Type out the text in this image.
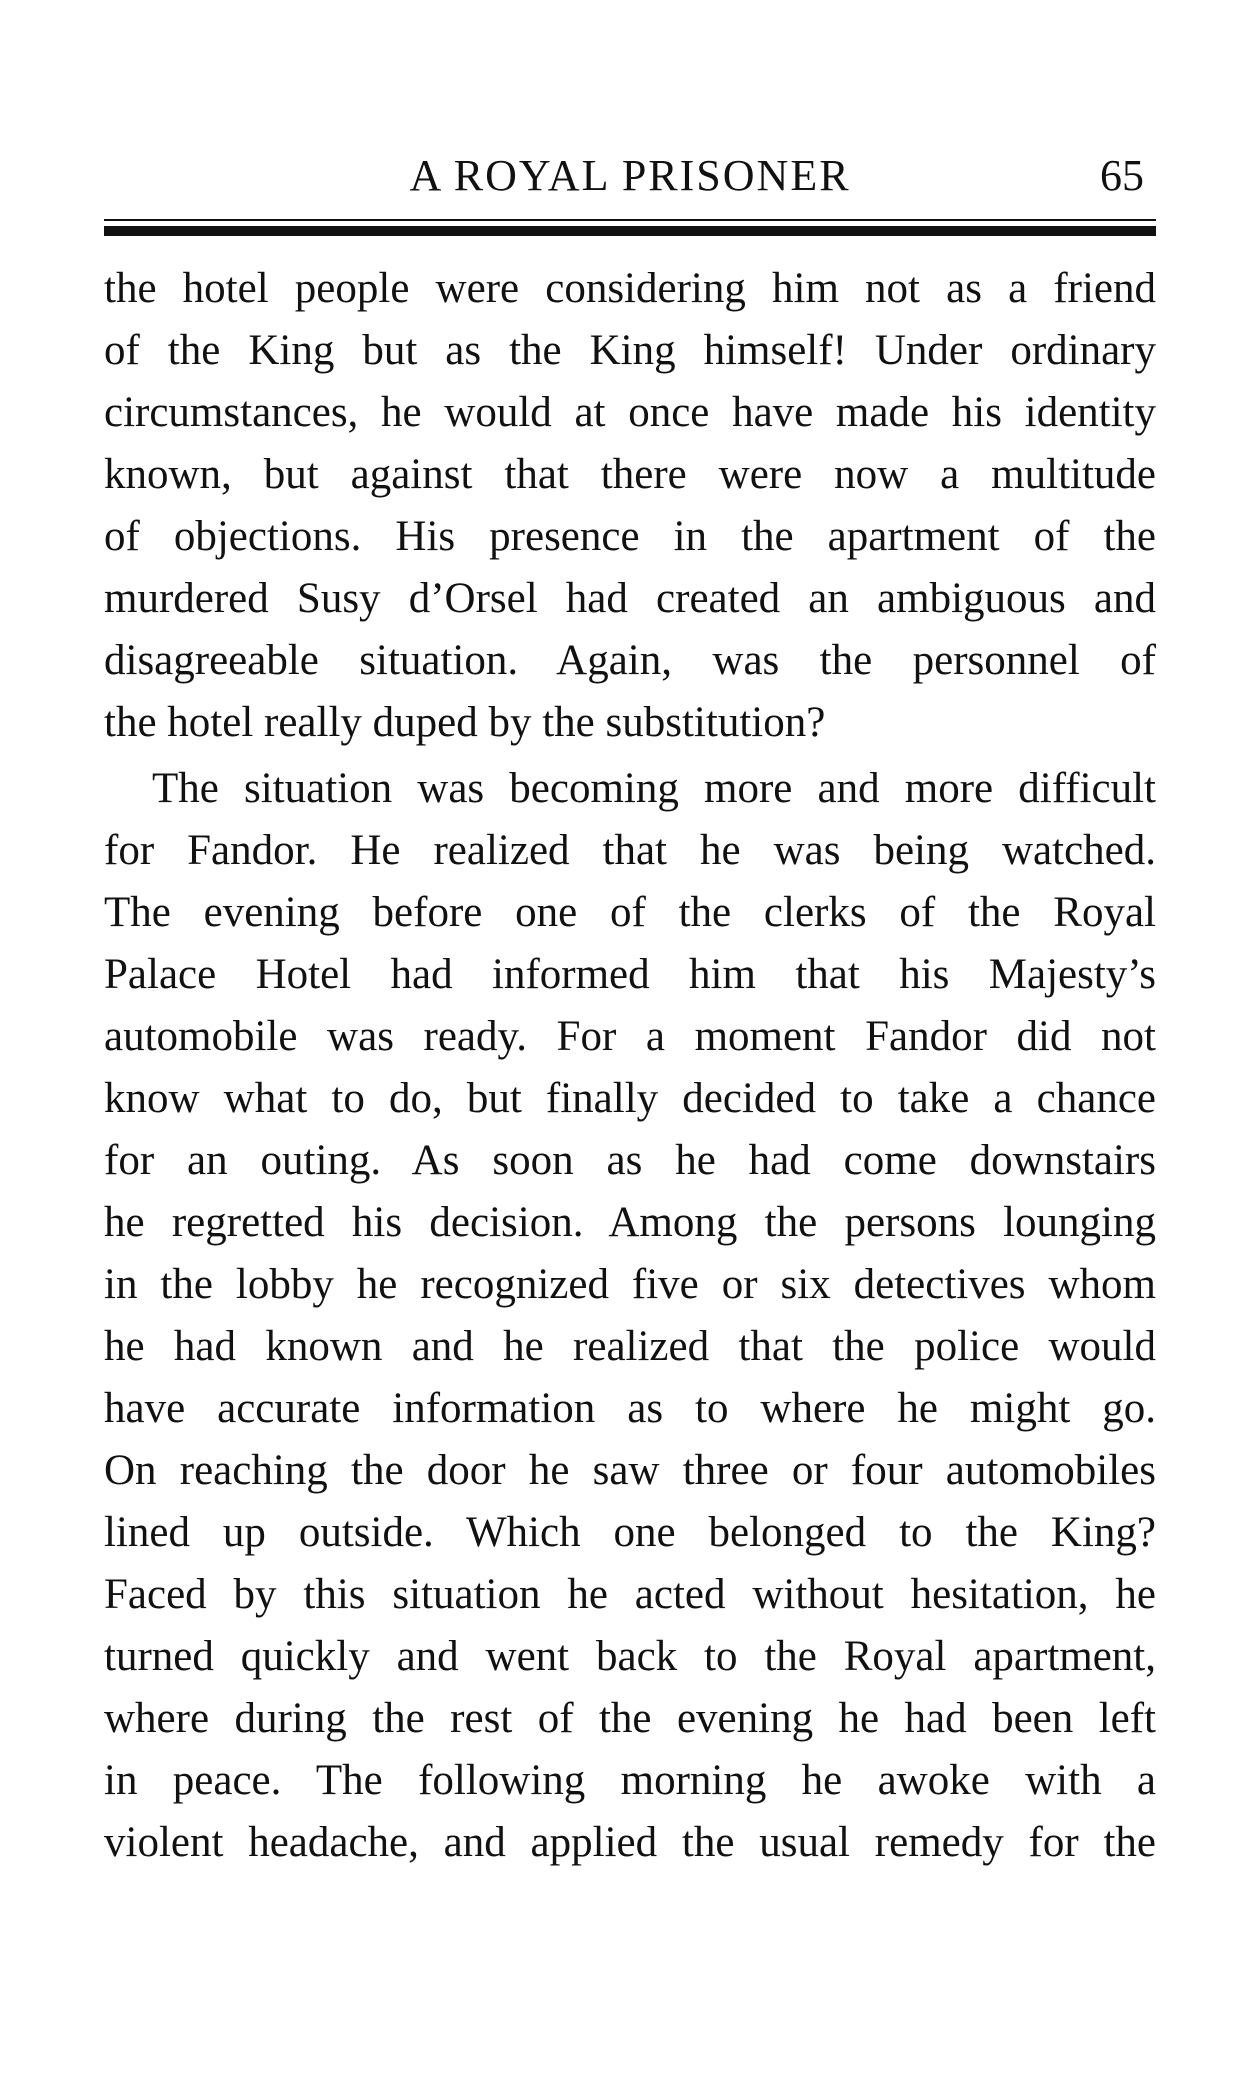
A ROYAL PRISONER	65
the hotel people were considering him not as a friend
of the King but as the King himself! Under ordinary
circumstances, he would at once have made his identity
known, but against that there were now a multitude
of objections. His presence in the apartment of the
murdered Susy d’Orsel had created an ambiguous and
disagreeable situation. Again, was the personnel of
the hotel really duped by the substitution?
The situation was becoming more and more difficult
for Fandor. He realized that he was being watched.
The evening before one of the clerks of the Royal
Palace Hotel had informed him that his Majesty’s
automobile was ready. For a moment Fandor did not
know what to do, but finally decided to take a chance
for an outing. As soon as he had come downstairs
he regretted his decision. Among the persons lounging
in the lobby he recognized five or six detectives whom
he had known and he realized that the police would
have accurate information as to where he might go.
On reaching the door he saw three or four automobiles
lined up outside. Which one belonged to the King?
Faced by this situation he acted without hesitation, he
turned quickly and went back to the Royal apartment,
where during the rest of the evening he had been left
in peace. The following morning he awoke with a
violent headache, and applied the usual remedy for the
